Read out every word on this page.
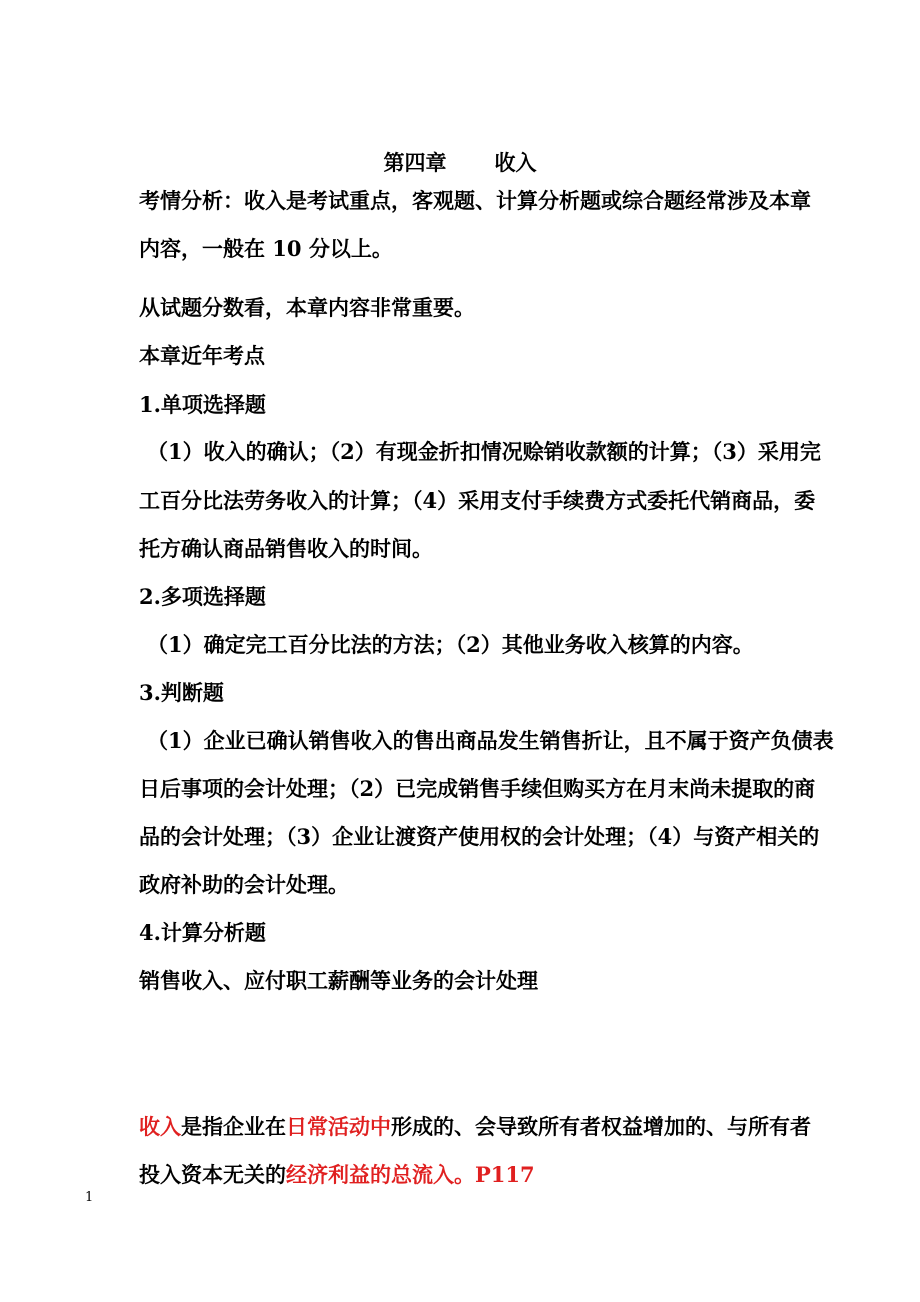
第四章 收入
考情分析：收入是考试重点，客观题、计算分析题或综合题经常涉及本章
内容，一般在 10 分以上。
从试题分数看，本章内容非常重要。
本章近年考点
1.单项选择题
（1）收入的确认；（2）有现金折扣情况赊销收款额的计算；（3）采用完
工百分比法劳务收入的计算；（4）采用支付手续费方式委托代销商品，委
托方确认商品销售收入的时间。
2.多项选择题
（1）确定完工百分比法的方法；（2）其他业务收入核算的内容。
3.判断题
（1）企业已确认销售收入的售出商品发生销售折让，且不属于资产负债表
日后事项的会计处理；（2）已完成销售手续但购买方在月末尚未提取的商
品的会计处理；（3）企业让渡资产使用权的会计处理；（4）与资产相关的
政府补助的会计处理。
4.计算分析题
销售收入、应付职工薪酬等业务的会计处理
收入是指企业在日常活动中形成的、会导致所有者权益增加的、与所有者
投入资本无关的经济利益的总流入。P117
1
